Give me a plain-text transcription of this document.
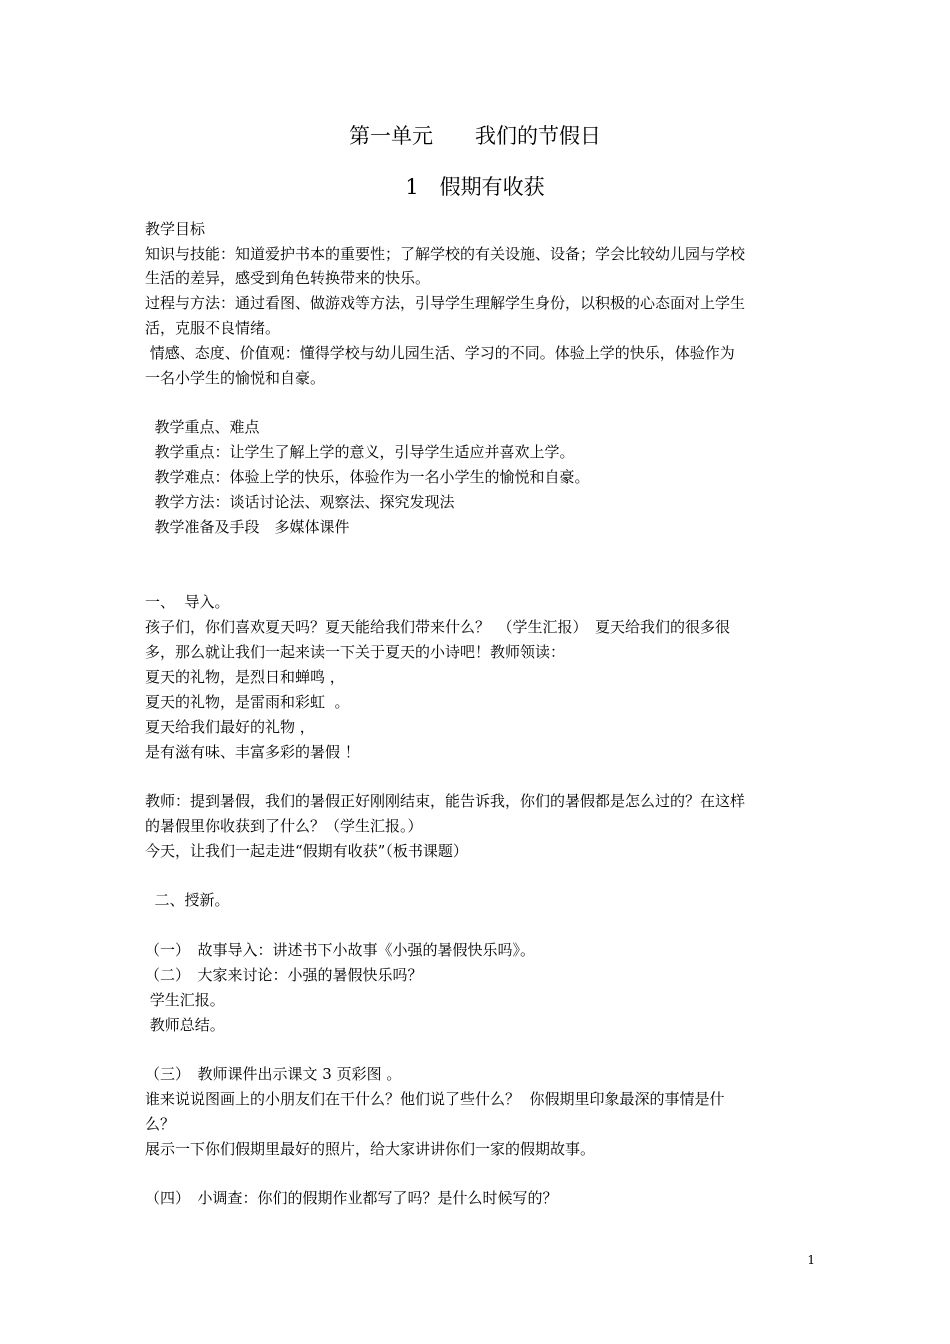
第一单元　　我们的节假日
1　假期有收获
教学目标
知识与技能：知道爱护书本的重要性；了解学校的有关设施、设备；学会比较幼儿园与学校
生活的差异，感受到角色转换带来的快乐。
过程与方法：通过看图、做游戏等方法，引导学生理解学生身份，以积极的心态面对上学生
活，克服不良情绪。
情感、态度、价值观：懂得学校与幼儿园生活、学习的不同。体验上学的快乐，体验作为
一名小学生的愉悦和自豪。
教学重点、难点
教学重点：让学生了解上学的意义，引导学生适应并喜欢上学。
教学难点：体验上学的快乐，体验作为一名小学生的愉悦和自豪。
教学方法：谈话讨论法、观察法、探究发现法
教学准备及手段　多媒体课件
一、  导入。
孩子们，你们喜欢夏天吗？夏天能给我们带来什么？　（学生汇报）　夏天给我们的很多很
多，那么就让我们一起来读一下关于夏天的小诗吧！教师领读：
夏天的礼物，是烈日和蝉鸣 ，
夏天的礼物，是雷雨和彩虹  。
夏天给我们最好的礼物 ，
是有滋有味、丰富多彩的暑假 ！
教师：提到暑假，我们的暑假正好刚刚结束，能告诉我，你们的暑假都是怎么过的？在这样
的暑假里你收获到了什么？（学生汇报。）
今天，让我们一起走进“假期有收获”（板书课题）
二、授新。
（一）　故事导入：讲述书下小故事《小强的暑假快乐吗》。
（二）　大家来讨论：小强的暑假快乐吗？
学生汇报。
教师总结。
（三）　教师课件出示课文 3 页彩图 。
谁来说说图画上的小朋友们在干什么？他们说了些什么？  你假期里印象最深的事情是什
么？
展示一下你们假期里最好的照片，给大家讲讲你们一家的假期故事。
（四）　小调查：你们的假期作业都写了吗？是什么时候写的？
1
